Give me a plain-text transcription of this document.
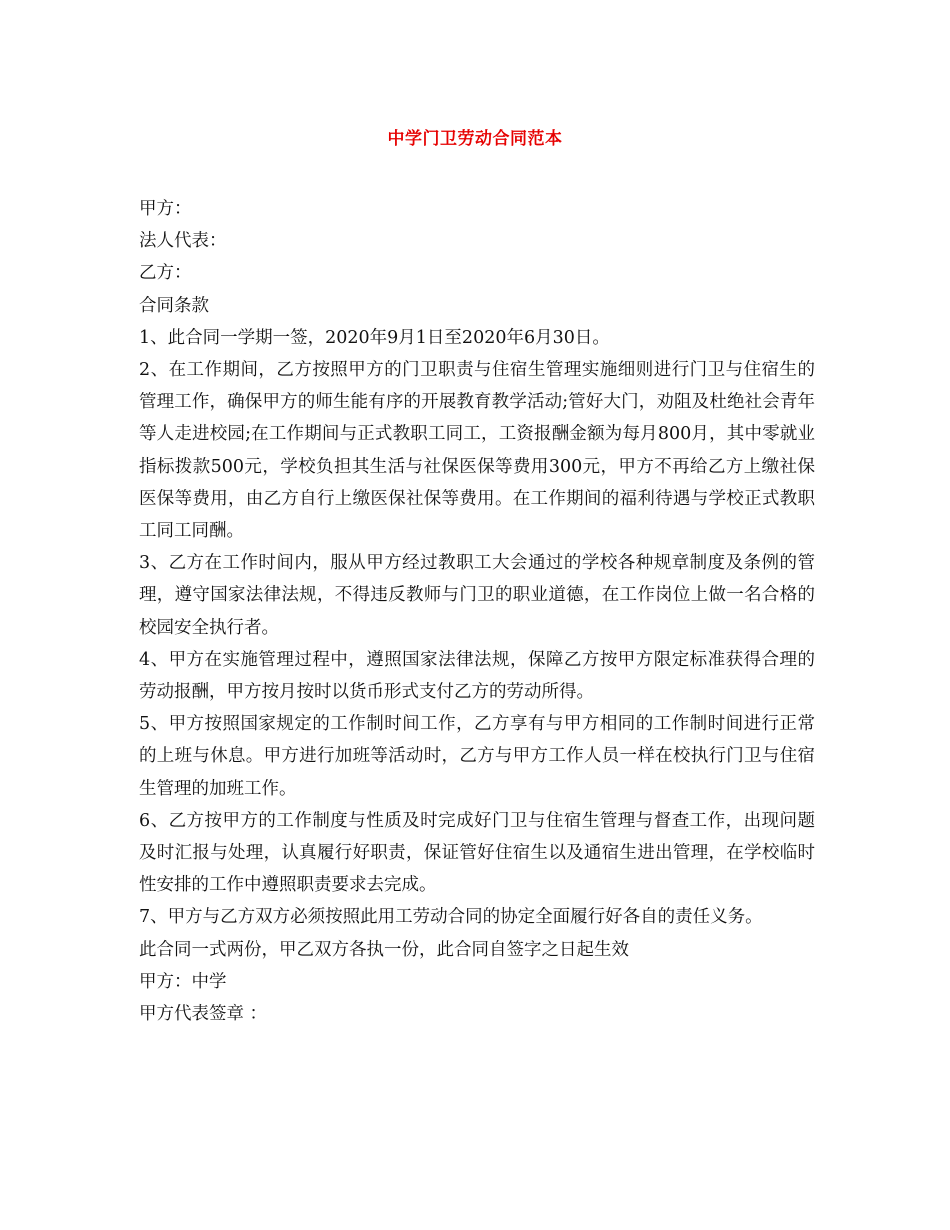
中学门卫劳动合同范本

甲方：

法人代表：

乙方：

合同条款

1、此合同一学期一签，2020年9月1日至2020年6月30日。

2、在工作期间，乙方按照甲方的门卫职责与住宿生管理实施细则进行门卫与住宿生的管理工作，确保甲方的师生能有序的开展教育教学活动;管好大门，劝阻及杜绝社会青年等人走进校园;在工作期间与正式教职工同工，工资报酬金额为每月800月，其中零就业指标拨款500元，学校负担其生活与社保医保等费用300元，甲方不再给乙方上缴社保医保等费用，由乙方自行上缴医保社保等费用。在工作期间的福利待遇与学校正式教职工同工同酬。

3、乙方在工作时间内，服从甲方经过教职工大会通过的学校各种规章制度及条例的管理，遵守国家法律法规，不得违反教师与门卫的职业道德，在工作岗位上做一名合格的校园安全执行者。

4、甲方在实施管理过程中，遵照国家法律法规，保障乙方按甲方限定标准获得合理的劳动报酬，甲方按月按时以货币形式支付乙方的劳动所得。

5、甲方按照国家规定的工作制时间工作，乙方享有与甲方相同的工作制时间进行正常的上班与休息。甲方进行加班等活动时，乙方与甲方工作人员一样在校执行门卫与住宿生管理的加班工作。

6、乙方按甲方的工作制度与性质及时完成好门卫与住宿生管理与督查工作，出现问题及时汇报与处理，认真履行好职责，保证管好住宿生以及通宿生进出管理，在学校临时性安排的工作中遵照职责要求去完成。

7、甲方与乙方双方必须按照此用工劳动合同的协定全面履行好各自的责任义务。

此合同一式两份，甲乙双方各执一份，此合同自签字之日起生效

甲方：中学

甲方代表签章 ：
